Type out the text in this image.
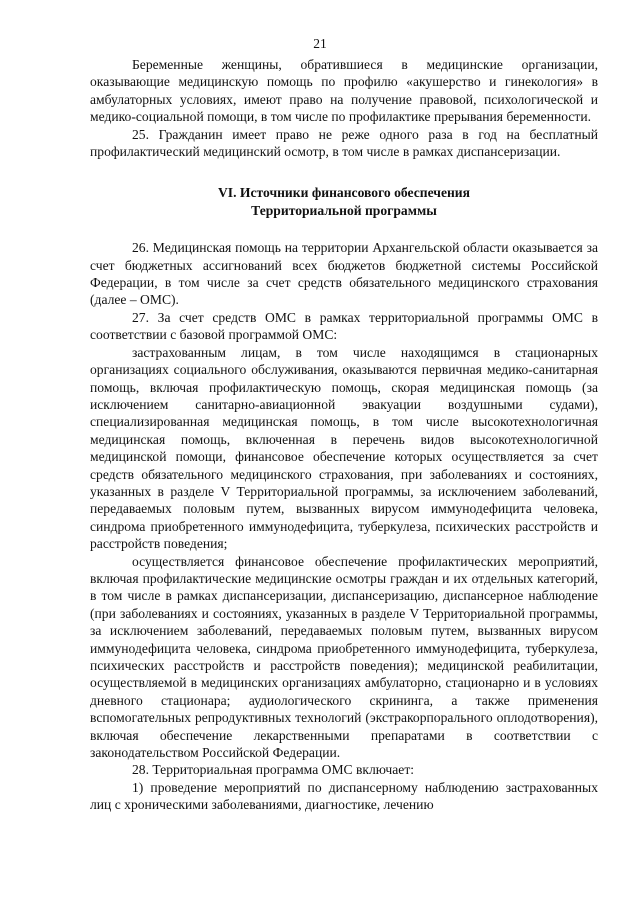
21

Беременные женщины, обратившиеся в медицинские организации, оказывающие медицинскую помощь по профилю «акушерство и гинекология» в амбулаторных условиях, имеют право на получение правовой, психологической и медико-социальной помощи, в том числе по профилактике прерывания беременности.

25. Гражданин имеет право не реже одного раза в год на бесплатный профилактический медицинский осмотр, в том числе в рамках диспансеризации.

VI. Источники финансового обеспечения
Территориальной программы

26. Медицинская помощь на территории Архангельской области оказывается за счет бюджетных ассигнований всех бюджетов бюджетной системы Российской Федерации, в том числе за счет средств обязательного медицинского страхования (далее – ОМС).

27. За счет средств ОМС в рамках территориальной программы ОМС в соответствии с базовой программой ОМС:

застрахованным лицам, в том числе находящимся в стационарных организациях социального обслуживания, оказываются первичная медико-санитарная помощь, включая профилактическую помощь, скорая медицинская помощь (за исключением санитарно-авиационной эвакуации воздушными судами), специализированная медицинская помощь, в том числе высокотехнологичная медицинская помощь, включенная в перечень видов высокотехнологичной медицинской помощи, финансовое обеспечение которых осуществляется за счет средств обязательного медицинского страхования, при заболеваниях и состояниях, указанных в разделе V Территориальной программы, за исключением заболеваний, передаваемых половым путем, вызванных вирусом иммунодефицита человека, синдрома приобретенного иммунодефицита, туберкулеза, психических расстройств и расстройств поведения;

осуществляется финансовое обеспечение профилактических мероприятий, включая профилактические медицинские осмотры граждан и их отдельных категорий, в том числе в рамках диспансеризации, диспансеризацию, диспансерное наблюдение (при заболеваниях и состояниях, указанных в разделе V Территориальной программы, за исключением заболеваний, передаваемых половым путем, вызванных вирусом иммунодефицита человека, синдрома приобретенного иммунодефицита, туберкулеза, психических расстройств и расстройств поведения); медицинской реабилитации, осуществляемой в медицинских организациях амбулаторно, стационарно и в условиях дневного стационара; аудиологического скрининга, а также применения вспомогательных репродуктивных технологий (экстракорпорального оплодотворения), включая обеспечение лекарственными препаратами в соответствии с законодательством Российской Федерации.

28. Территориальная программа ОМС включает:

1) проведение мероприятий по диспансерному наблюдению застрахованных лиц с хроническими заболеваниями, диагностике, лечению
